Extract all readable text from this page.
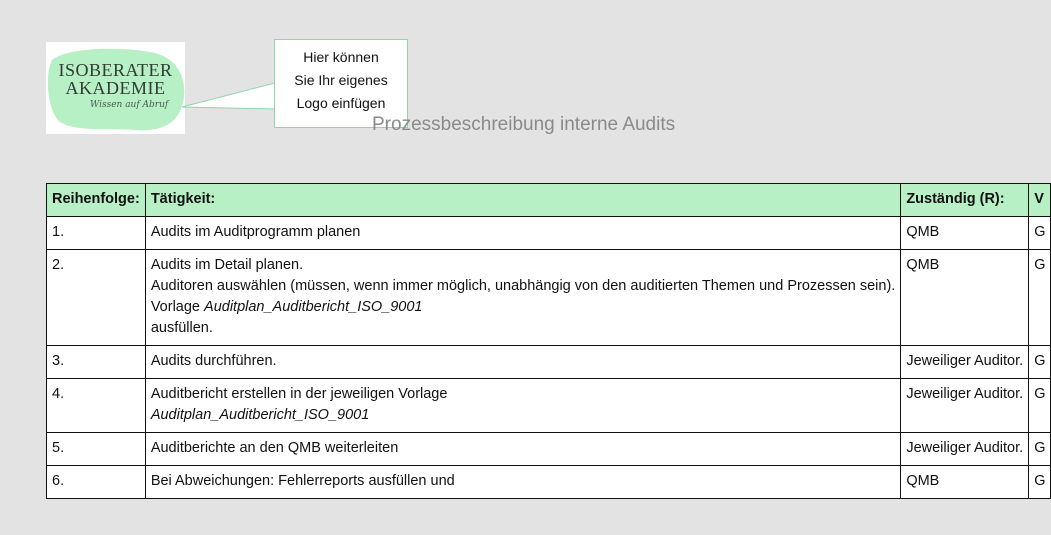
ISOBERATER
AKADEMIE
Wissen auf Abruf
Hier können
Sie Ihr eigenes
Logo einfügen
Prozessbeschreibung interne Audits
Reihenfolge:	Tätigkeit:	Zuständig (R):	V
1.	Audits im Auditprogramm planen	QMB	G
2.	Audits im Detail planen.
Auditoren auswählen (müssen, wenn immer möglich, unabhängig von den auditierten Themen und Prozessen sein).
Vorlage Auditplan_Auditbericht_ISO_9001
ausfüllen.	QMB	G
3.	Audits durchführen.	Jeweiliger Auditor.	G
4.	Auditbericht erstellen in der jeweiligen Vorlage
Auditplan_Auditbericht_ISO_9001	Jeweiliger Auditor.	G
5.	Auditberichte an den QMB weiterleiten	Jeweiliger Auditor.	G
6.	Bei Abweichungen: Fehlerreports ausfüllen und	QMB	G
